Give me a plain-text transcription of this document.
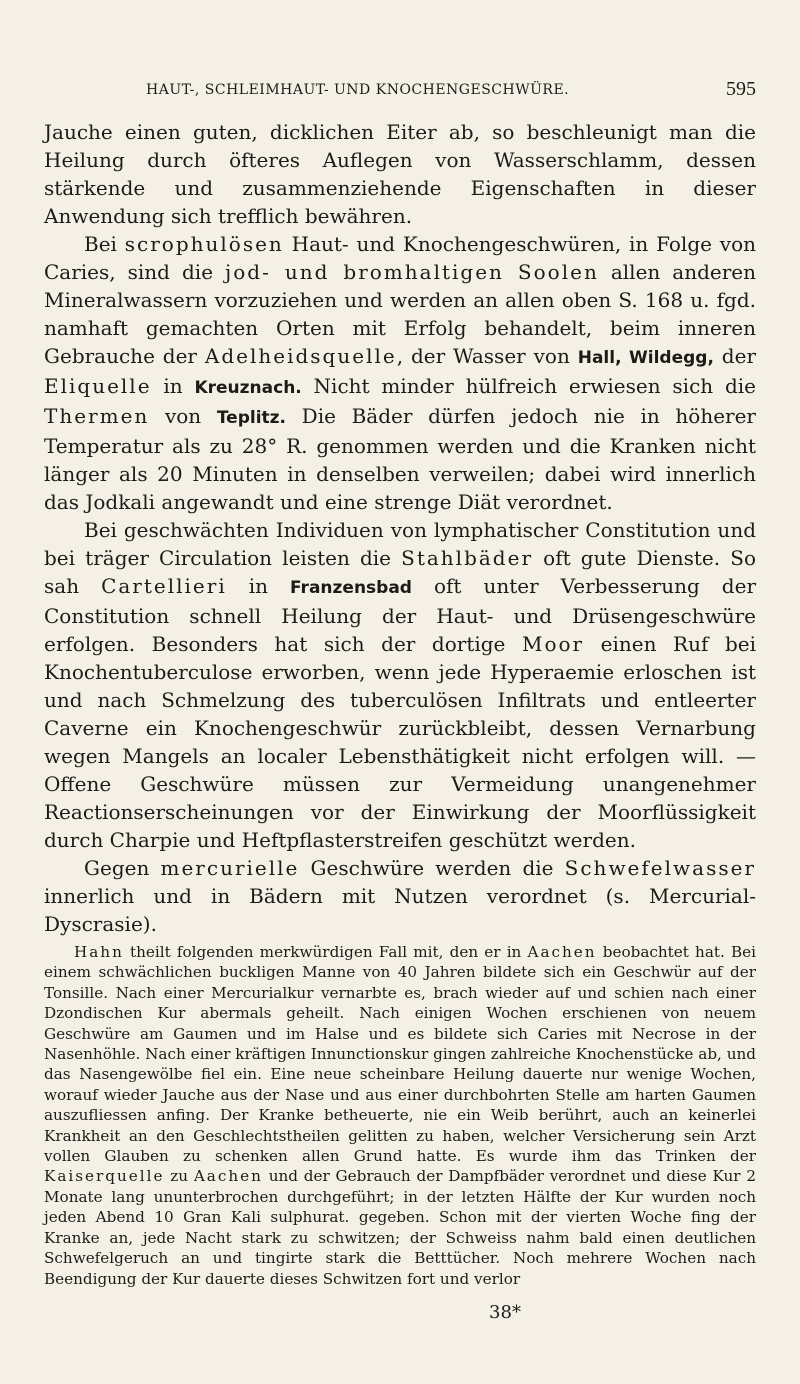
HAUT-, SCHLEIMHAUT- UND KNOCHENGESCHWÜRE.	595

Jauche einen guten, dicklichen Eiter ab, so beschleunigt man die Heilung durch öfteres Auflegen von Wasserschlamm, dessen stärkende und zusammenziehende Eigenschaften in dieser Anwendung sich trefflich bewähren.

Bei scrophulösen Haut- und Knochengeschwüren, in Folge von Caries, sind die jod- und bromhaltigen Soolen allen anderen Mineralwassern vorzuziehen und werden an allen oben S. 168 u. fgd. namhaft gemachten Orten mit Erfolg behandelt, beim inneren Gebrauche der Adelheidsquelle, der Wasser von Hall, Wildegg, der Eliquelle in Kreuznach. Nicht minder hülfreich erwiesen sich die Thermen von Teplitz. Die Bäder dürfen jedoch nie in höherer Temperatur als zu 28° R. genommen werden und die Kranken nicht länger als 20 Minuten in denselben verweilen; dabei wird innerlich das Jodkali angewandt und eine strenge Diät verordnet.

Bei geschwächten Individuen von lymphatischer Constitution und bei träger Circulation leisten die Stahlbäder oft gute Dienste. So sah Cartellieri in Franzensbad oft unter Verbesserung der Constitution schnell Heilung der Haut- und Drüsengeschwüre erfolgen. Besonders hat sich der dortige Moor einen Ruf bei Knochentuberculose erworben, wenn jede Hyperaemie erloschen ist und nach Schmelzung des tuberculösen Infiltrats und entleerter Caverne ein Knochengeschwür zurückbleibt, dessen Vernarbung wegen Mangels an localer Lebensthätigkeit nicht erfolgen will. — Offene Geschwüre müssen zur Vermeidung unangenehmer Reactionserscheinungen vor der Einwirkung der Moorflüssigkeit durch Charpie und Heftpflasterstreifen geschützt werden.

Gegen mercurielle Geschwüre werden die Schwefelwasser innerlich und in Bädern mit Nutzen verordnet (s. Mercurial-Dyscrasie).

Hahn theilt folgenden merkwürdigen Fall mit, den er in Aachen beobachtet hat. Bei einem schwächlichen buckligen Manne von 40 Jahren bildete sich ein Geschwür auf der Tonsille. Nach einer Mercurialkur vernarbte es, brach wieder auf und schien nach einer Dzondischen Kur abermals geheilt. Nach einigen Wochen erschienen von neuem Geschwüre am Gaumen und im Halse und es bildete sich Caries mit Necrose in der Nasenhöhle. Nach einer kräftigen Innunctionskur gingen zahlreiche Knochenstücke ab, und das Nasengewölbe fiel ein. Eine neue scheinbare Heilung dauerte nur wenige Wochen, worauf wieder Jauche aus der Nase und aus einer durchbohrten Stelle am harten Gaumen auszufliessen anfing. Der Kranke betheuerte, nie ein Weib berührt, auch an keinerlei Krankheit an den Geschlechtstheilen gelitten zu haben, welcher Versicherung sein Arzt vollen Glauben zu schenken allen Grund hatte. Es wurde ihm das Trinken der Kaiserquelle zu Aachen und der Gebrauch der Dampfbäder verordnet und diese Kur 2 Monate lang ununterbrochen durchgeführt; in der letzten Hälfte der Kur wurden noch jeden Abend 10 Gran Kali sulphurat. gegeben. Schon mit der vierten Woche fing der Kranke an, jede Nacht stark zu schwitzen; der Schweiss nahm bald einen deutlichen Schwefelgeruch an und tingirte stark die Betttücher. Noch mehrere Wochen nach Beendigung der Kur dauerte dieses Schwitzen fort und verlor

38*
